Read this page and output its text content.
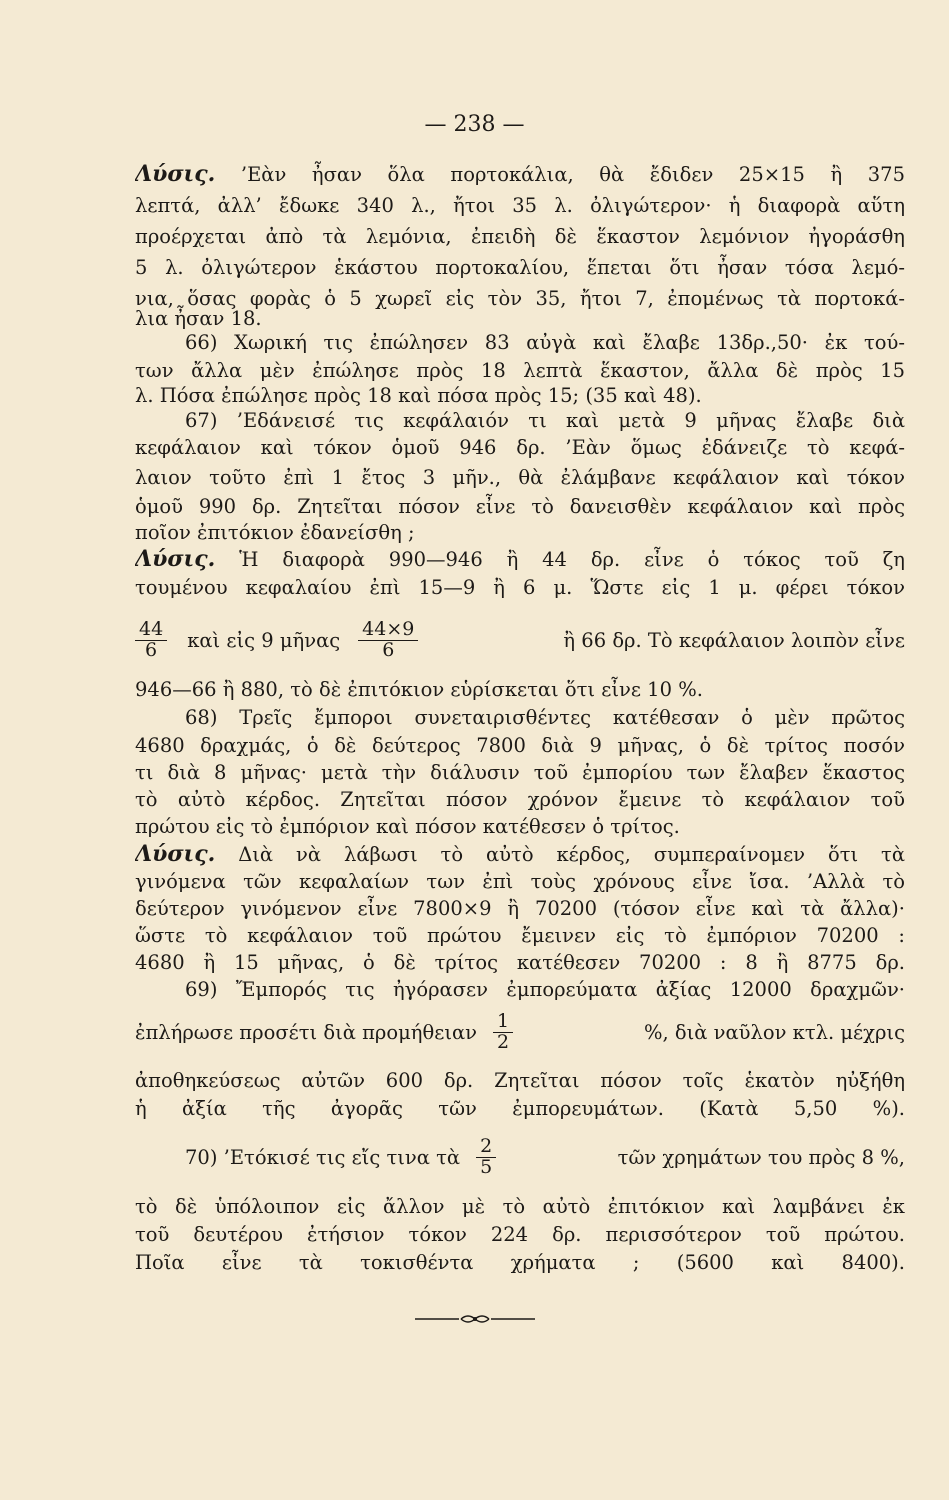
— 238 —
Λύσις. ’Εὰν ἦσαν ὅλα πορτοκάλια, θὰ ἔδιδεν 25×15 ἢ 375
λεπτά, ἀλλ’ ἔδωκε 340 λ., ἤτοι 35 λ. ὀλιγώτερον· ἡ διαφορὰ αὕτη
προέρχεται ἀπὸ τὰ λεμόνια, ἐπειδὴ δὲ ἕκαστον λεμόνιον ἠγοράσθη
5 λ. ὀλιγώτερον ἑκάστου πορτοκαλίου, ἕπεται ὅτι ἦσαν τόσα λεμό-
νια, ὅσας φορὰς ὁ 5 χωρεῖ εἰς τὸν 35, ἤτοι 7, ἐπομένως τὰ πορτοκά-
λια ἦσαν 18.
66) Χωρική τις ἐπώλησεν 83 αὐγὰ καὶ ἔλαβε 13δρ.,50· ἐκ τού-
των ἄλλα μὲν ἐπώλησε πρὸς 18 λεπτὰ ἕκαστον, ἄλλα δὲ πρὸς 15
λ. Πόσα ἐπώλησε πρὸς 18 καὶ πόσα πρὸς 15; (35 καὶ 48).
67) ’Εδάνεισέ τις κεφάλαιόν τι καὶ μετὰ 9 μῆνας ἔλαβε διὰ
κεφάλαιον καὶ τόκον ὁμοῦ 946 δρ. ’Εὰν ὅμως ἐδάνειζε τὸ κεφά-
λαιον τοῦτο ἐπὶ 1 ἔτος 3 μῆν., θὰ ἐλάμβανε κεφάλαιον καὶ τόκον
ὁμοῦ 990 δρ. Ζητεῖται πόσον εἶνε τὸ δανεισθὲν κεφάλαιον καὶ πρὸς
ποῖον ἐπιτόκιον ἐδανείσθη ;
Λύσις. Ἡ διαφορὰ 990—946 ἢ 44 δρ. εἶνε ὁ τόκος τοῦ ζη
τουμένου κεφαλαίου ἐπὶ 15—9 ἢ 6 μ. Ὥστε εἰς 1 μ. φέρει τόκον
$\frac{44}{6}$ καὶ εἰς 9 μῆνας $\frac{44\times 9}{6}$	ἢ 66 δρ. Τὸ κεφάλαιον λοιπὸν εἶνε
946—66 ἢ 880, τὸ δὲ ἐπιτόκιον εὑρίσκεται ὅτι εἶνε 10 %.
68) Τρεῖς ἔμποροι συνεταιρισθέντες κατέθεσαν ὁ μὲν πρῶτος
4680 δραχμάς, ὁ δὲ δεύτερος 7800 διὰ 9 μῆνας, ὁ δὲ τρίτος ποσόν
τι διὰ 8 μῆνας· μετὰ τὴν διάλυσιν τοῦ ἐμπορίου των ἔλαβεν ἕκαστος
τὸ αὐτὸ κέρδος. Ζητεῖται πόσον χρόνον ἔμεινε τὸ κεφάλαιον τοῦ
πρώτου εἰς τὸ ἐμπόριον καὶ πόσον κατέθεσεν ὁ τρίτος.
Λύσις. Διὰ νὰ λάβωσι τὸ αὐτὸ κέρδος, συμπεραίνομεν ὅτι τὰ
γινόμενα τῶν κεφαλαίων των ἐπὶ τοὺς χρόνους εἶνε ἴσα. ’Αλλὰ τὸ
δεύτερον γινόμενον εἶνε 7800×9 ἢ 70200 (τόσον εἶνε καὶ τὰ ἄλλα)·
ὥστε τὸ κεφάλαιον τοῦ πρώτου ἔμεινεν εἰς τὸ ἐμπόριον 70200 :
4680 ἢ 15 μῆνας, ὁ δὲ τρίτος κατέθεσεν 70200 : 8 ἢ 8775 δρ.
69) Ἔμπορός τις ἠγόρασεν ἐμπορεύματα ἀξίας 12000 δραχμῶν·
ἐπλήρωσε προσέτι διὰ προμήθειαν $\frac{1}{2}$	%, διὰ ναῦλον κτλ. μέχρις
ἀποθηκεύσεως αὐτῶν 600 δρ. Ζητεῖται πόσον τοῖς ἑκατὸν ηὐξήθη
ἡ ἀξία τῆς ἀγορᾶς τῶν ἐμπορευμάτων. (Κατὰ 5,50 %).
70) ’Ετόκισέ τις εἴς τινα τὰ $\frac{2}{5}$	τῶν χρημάτων του πρὸς 8 %,
τὸ δὲ ὑπόλοιπον εἰς ἄλλον μὲ τὸ αὐτὸ ἐπιτόκιον καὶ λαμβάνει ἐκ
τοῦ δευτέρου ἐτήσιον τόκον 224 δρ. περισσότερον τοῦ πρώτου.
Ποῖα εἶνε τὰ τοκισθέντα χρήματα ; (5600 καὶ 8400).
